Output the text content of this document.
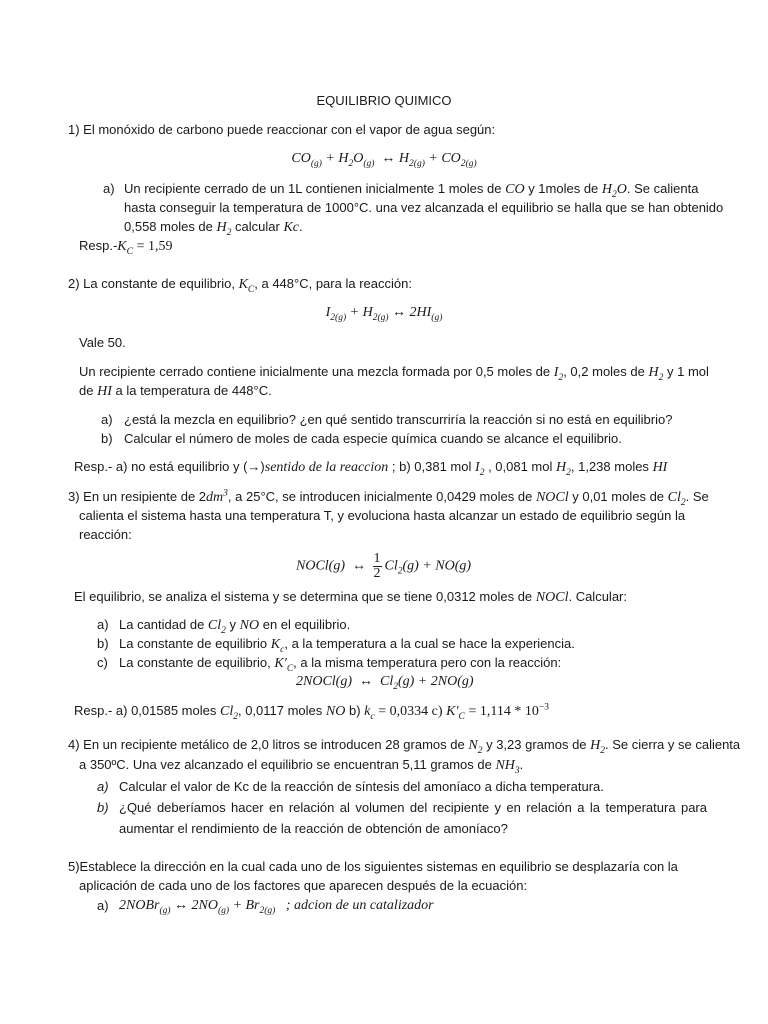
EQUILIBRIO QUIMICO
1) El monóxido de carbono puede reaccionar con el vapor de agua según:
$CO_{(g)} + H_2O_{(g)}$  ↔ $H_{2(g)} + CO_{2(g)}$
a) Un recipiente cerrado de un 1L contienen inicialmente 1 moles de CO y 1moles de $H_2O$. Se calienta
hasta conseguir la temperatura de 1000°C. una vez alcanzada el equilibrio se halla que se han obtenido
0,558 moles de $H_2$ calcular Kc.
$Resp.-K_C = 1,59$
2) La constante de equilibrio, $K_C$, a 448°C, para la reacción:
$I_{2(g)} + H_{2(g)}$ ↔ $2HI_{(g)}$
Vale 50.
Un recipiente cerrado contiene inicialmente una mezcla formada por 0,5 moles de $I_2$, 0,2 moles de $H_2$ y 1 mol
de HI a la temperatura de 448°C.
a) ¿está la mezcla en equilibrio? ¿en qué sentido transcurriría la reacción si no está en equilibrio?
b) Calcular el número de moles de cada especie química cuando se alcance el equilibrio.
Resp.- a) no está equilibrio y (→)sentido de la reaccion ; b) 0,381 mol $I_2$ , 0,081 mol $H_2$, 1,238 moles HI
3) En un resipiente de $2dm^3$, a 25°C, se introducen inicialmente 0,0429 moles de NOCl y 0,01 moles de $Cl_2$. Se
calienta el sistema hasta una temperatura T, y evoluciona hasta alcanzar un estado de equilibrio según la
reacción:
NOCl(g)  ↔ $\frac{1}{2} Cl_2(g) + NO(g)$
El equilibrio, se analiza el sistema y se determina que se tiene 0,0312 moles de NOCl. Calcular:
a) La cantidad de $Cl_2$ y NO en el equilibrio.
b) La constante de equilibrio $K_c$, a la temperatura a la cual se hace la experiencia.
c) La constante de equilibrio, $K'_C$, a la misma temperatura pero con la reacción:
2NOCl(g)  ↔  $Cl_2(g) + 2NO(g)$
Resp.- a) 0,01585 moles $Cl_2$, 0,0117 moles NO b) $k_c = 0,0334$ c) $K'_C = 1,114 * 10^{-3}$
4) En un recipiente metálico de 2,0 litros se introducen 28 gramos de $N_2$ y 3,23 gramos de $H_2$. Se cierra y se calienta
a 350ºC. Una vez alcanzado el equilibrio se encuentran 5,11 gramos de $NH_3$.
a) Calcular el valor de Kc de la reacción de síntesis del amoníaco a dicha temperatura.
b) ¿Qué deberíamos hacer en relación al volumen del recipiente y en relación a la temperatura para
aumentar el rendimiento de la reacción de obtención de amoníaco?
5)Establece la dirección en la cual cada uno de los siguientes sistemas en equilibrio se desplazaría con la
aplicación de cada uno de los factores que aparecen después de la ecuación:
a) 2NOBr$_{(g)}$ ↔ $2NO_{(g)} + Br_{2(g)}$ ; adcion de un catalizador
